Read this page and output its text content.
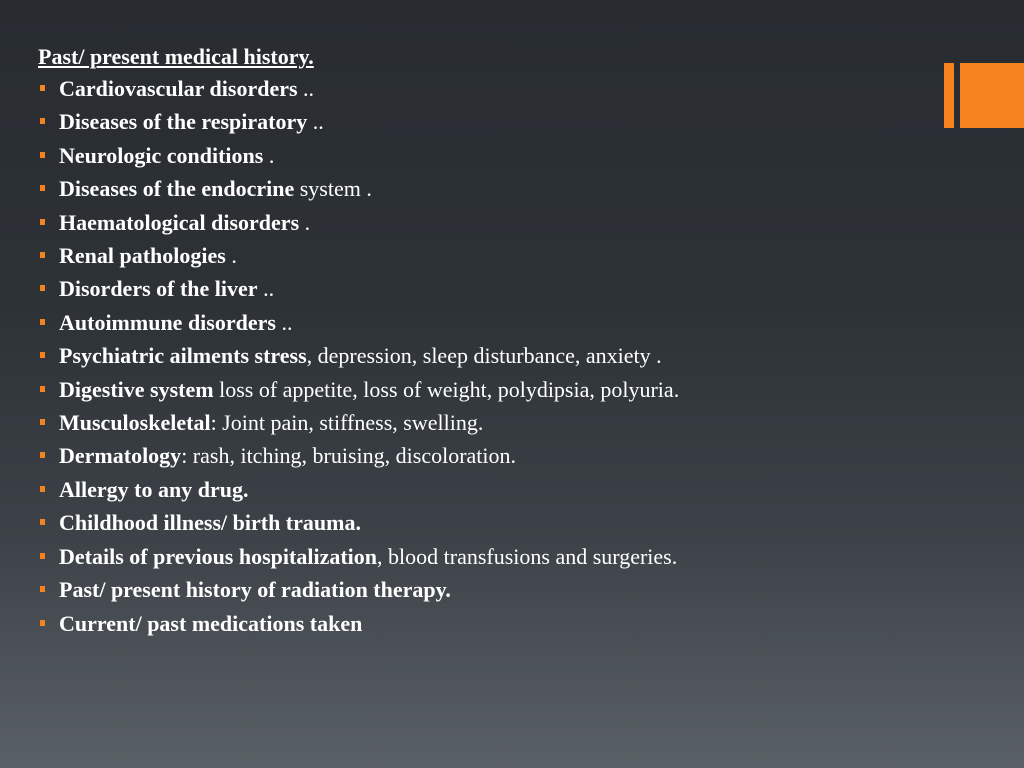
Past/ present medical history.

Cardiovascular disorders ..
Diseases of the respiratory ..
Neurologic conditions .
Diseases of the endocrine system .
Haematological disorders .
Renal pathologies .
Disorders of the liver ..
Autoimmune disorders ..
Psychiatric ailments stress, depression, sleep disturbance, anxiety .
Digestive system loss of appetite, loss of weight, polydipsia, polyuria.
Musculoskeletal: Joint pain, stiffness, swelling.
Dermatology: rash, itching, bruising, discoloration.
Allergy to any drug.
Childhood illness/ birth trauma.
Details of previous hospitalization, blood transfusions and surgeries.
Past/ present history of radiation therapy.
Current/ past medications taken
